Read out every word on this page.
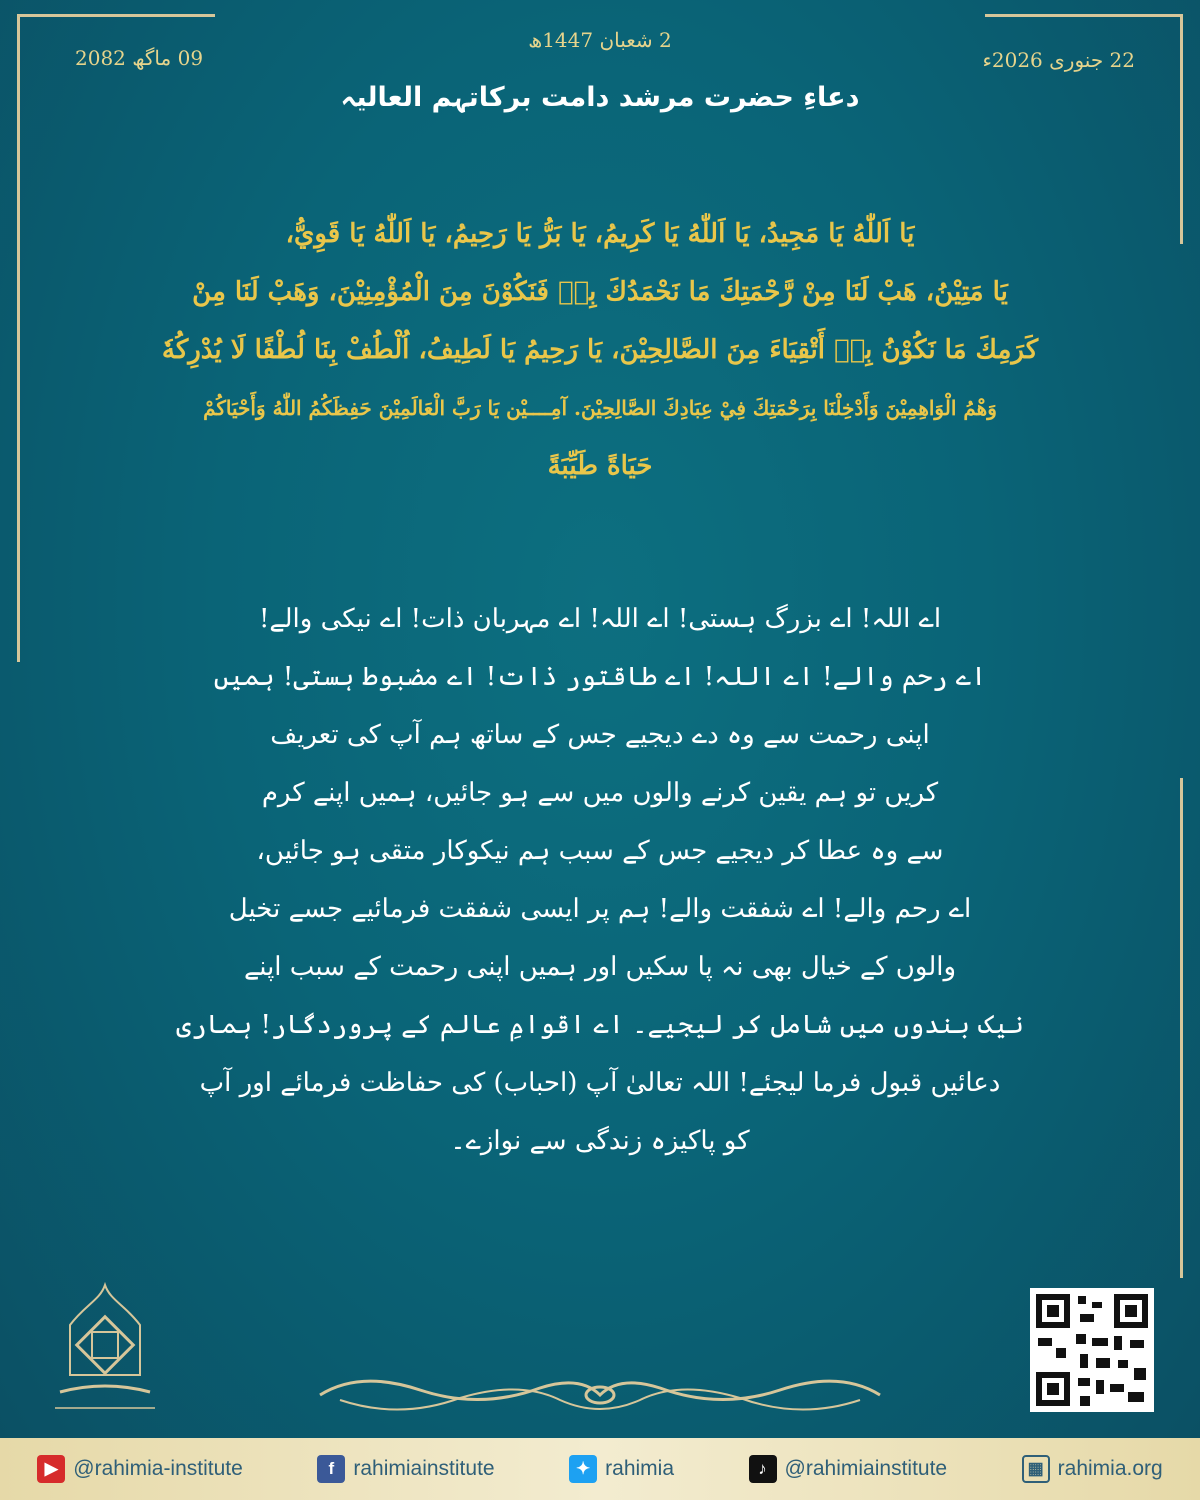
2 شعبان 1447ھ
22 جنوری 2026ء
09 ماگھ 2082
دعاءِ حضرت مرشد دامت برکاتہم العالیہ
يَا اَللّٰهُ يَا مَجِيدُ، يَا اَللّٰهُ يَا كَرِيمُ، يَا بَرُّ يَا رَحِيمُ، يَا اَللّٰهُ يَا قَوِيُّ،
يَا مَتِيْنُ، هَبْ لَنَا مِنْ رَّحْمَتِكَ مَا نَحْمَدُكَ بِهٖ فَنَكُوْنَ مِنَ الْمُؤْمِنِيْنَ، وَهَبْ لَنَا مِنْ
كَرَمِكَ مَا نَكُوْنُ بِهٖ أَتْقِيَاءَ مِنَ الصَّالِحِيْنَ، يَا رَحِيمُ يَا لَطِيفُ، اُلْطُفْ بِنَا لُطْفًا لَا يُدْرِكُهٗ
وَهْمُ الْوَاهِمِيْنَ وَأَدْخِلْنَا بِرَحْمَتِكَ فِيْ عِبَادِكَ الصَّالِحِيْنَ. آمِــــيْن يَا رَبَّ الْعَالَمِيْنَ حَفِظَكُمُ اللّٰهُ وَأَحْيَاكُمْ
حَيَاةً طَيِّبَةً
اے اللہ! اے بزرگ ہستی! اے اللہ! اے مہربان ذات! اے نیکی والے!
اے رحم والے! اے اللہ! اے طاقتور ذات! اے مضبوط ہستی! ہمیں
اپنی رحمت سے وہ دے دیجیے جس کے ساتھ ہم آپ کی تعریف
کریں تو ہم یقین کرنے والوں میں سے ہو جائیں، ہمیں اپنے کرم
سے وہ عطا کر دیجیے جس کے سبب ہم نیکوکار متقی ہو جائیں،
اے رحم والے! اے شفقت والے! ہم پر ایسی شفقت فرمائیے جسے تخیل
والوں کے خیال بھی نہ پا سکیں اور ہمیں اپنی رحمت کے سبب اپنے
نیک بندوں میں شامل کر لیجیے۔ اے اقوامِ عالم کے پروردگار! ہماری
دعائیں قبول فرما لیجئے! اللہ تعالیٰ آپ (احباب) کی حفاظت فرمائے اور آپ
کو پاکیزہ زندگی سے نوازے۔
▶ @rahimia-institute	f rahimiainstitute	✦ rahimia	♪ @rahimiainstitute	▦ rahimia.org
